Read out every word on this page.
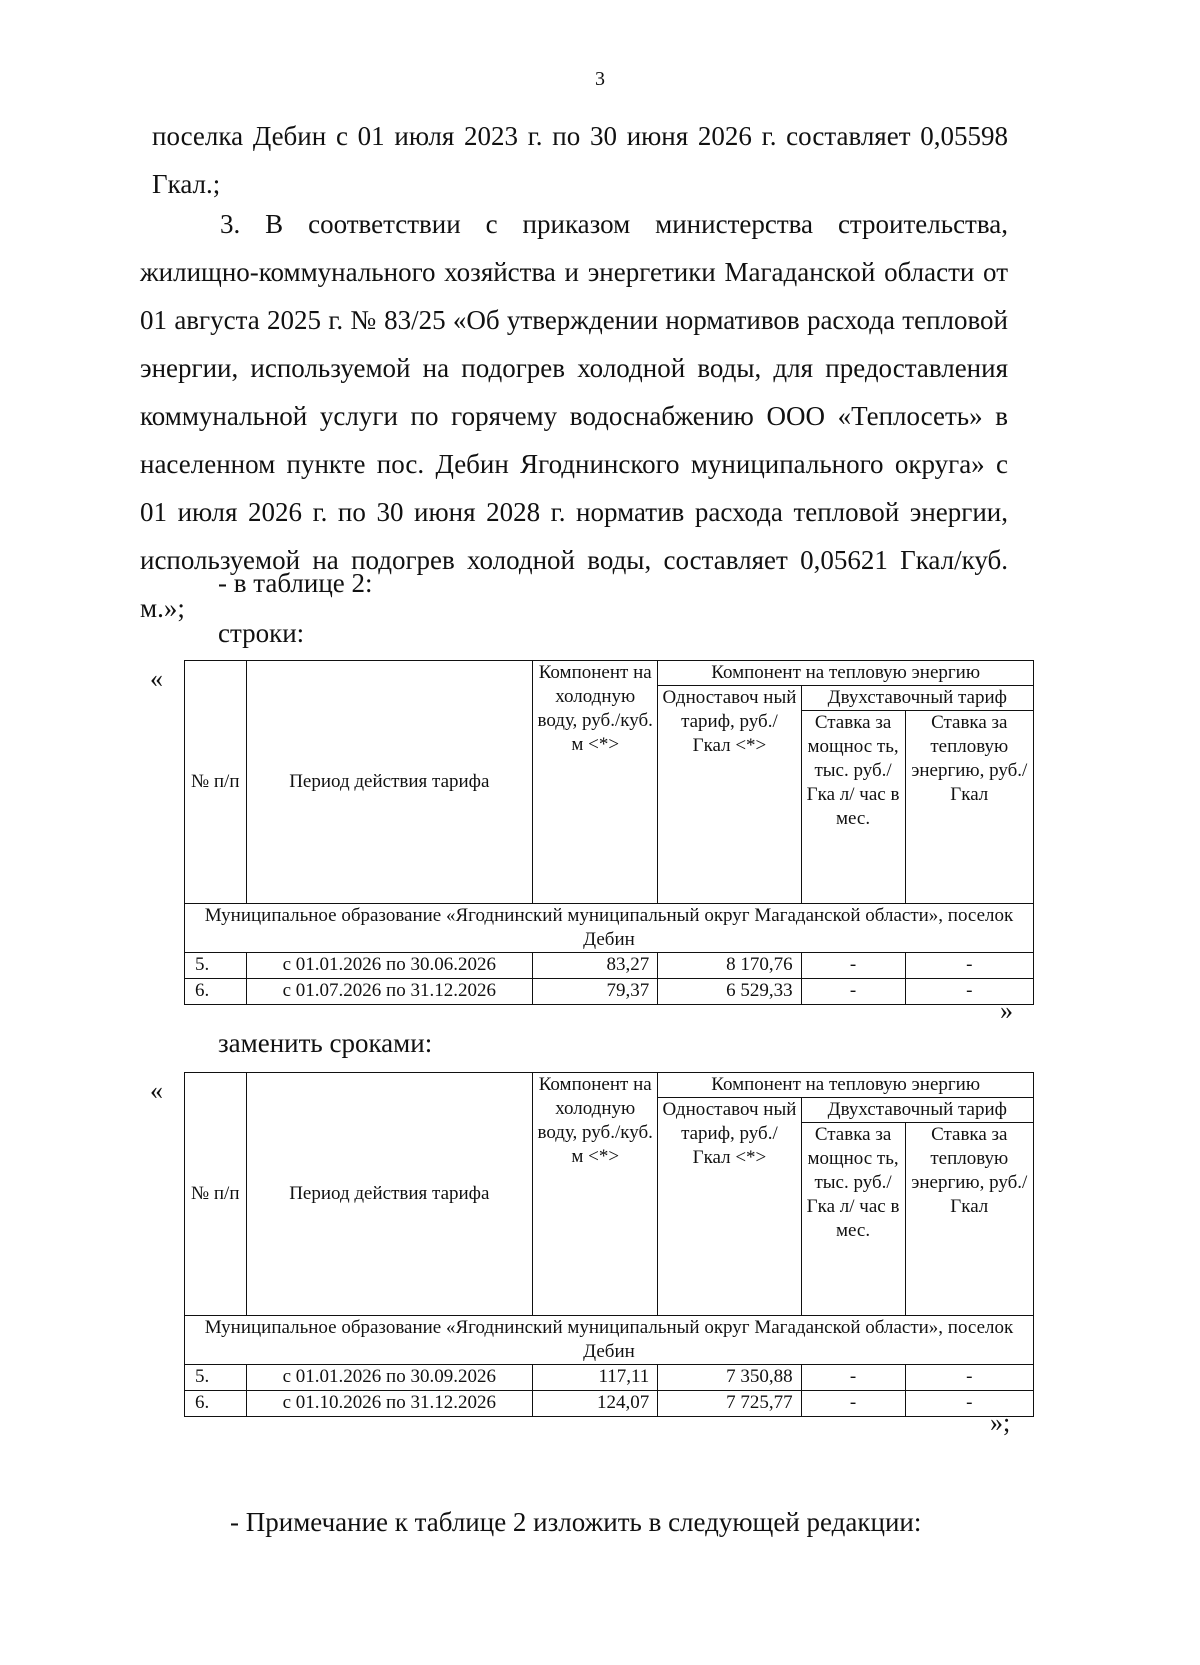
3

поселка Дебин с 01 июля 2023 г. по 30 июня 2026 г. составляет 0,05598 Гкал.;

3. В соответствии с приказом министерства строительства, жилищно-коммунального хозяйства и энергетики Магаданской области от 01 августа 2025 г. № 83/25 «Об утверждении нормативов расхода тепловой энергии, используемой на подогрев холодной воды, для предоставления коммунальной услуги по горячему водоснабжению ООО «Теплосеть» в населенном пункте пос. Дебин Ягоднинского муниципального округа» с 01 июля 2026 г. по 30 июня 2028 г. норматив расхода тепловой энергии, используемой на подогрев холодной воды, составляет 0,05621 Гкал/куб. м.»;

- в таблице 2:

строки:

«
№ п/п	Период действия тарифа	Компонент на холодную воду, руб./куб. м <*>	Компонент на тепловую энергию		
			Одноставоч ный тариф, руб./Гкал <*>	Двухставочный тариф	
				Ставка за мощнос ть, тыс. руб./Гка л/ час в мес.	Ставка за тепловую энергию, руб./Гкал
Муниципальное образование «Ягоднинский муниципальный округ Магаданской области», поселок Дебин					
5.	с 01.01.2026 по 30.06.2026	83,27	8 170,76	-	-
6.	с 01.07.2026 по 31.12.2026	79,37	6 529,33	-	-
»

заменить сроками:

«
№ п/п	Период действия тарифа	Компонент на холодную воду, руб./куб. м <*>	Компонент на тепловую энергию		
			Одноставоч ный тариф, руб./Гкал <*>	Двухставочный тариф	
				Ставка за мощнос ть, тыс. руб./Гка л/ час в мес.	Ставка за тепловую энергию, руб./Гкал
Муниципальное образование «Ягоднинский муниципальный округ Магаданской области», поселок Дебин					
5.	с 01.01.2026 по 30.09.2026	117,11	7 350,88	-	-
6.	с 01.10.2026 по 31.12.2026	124,07	7 725,77	-	-
»;

- Примечание к таблице 2 изложить в следующей редакции:
